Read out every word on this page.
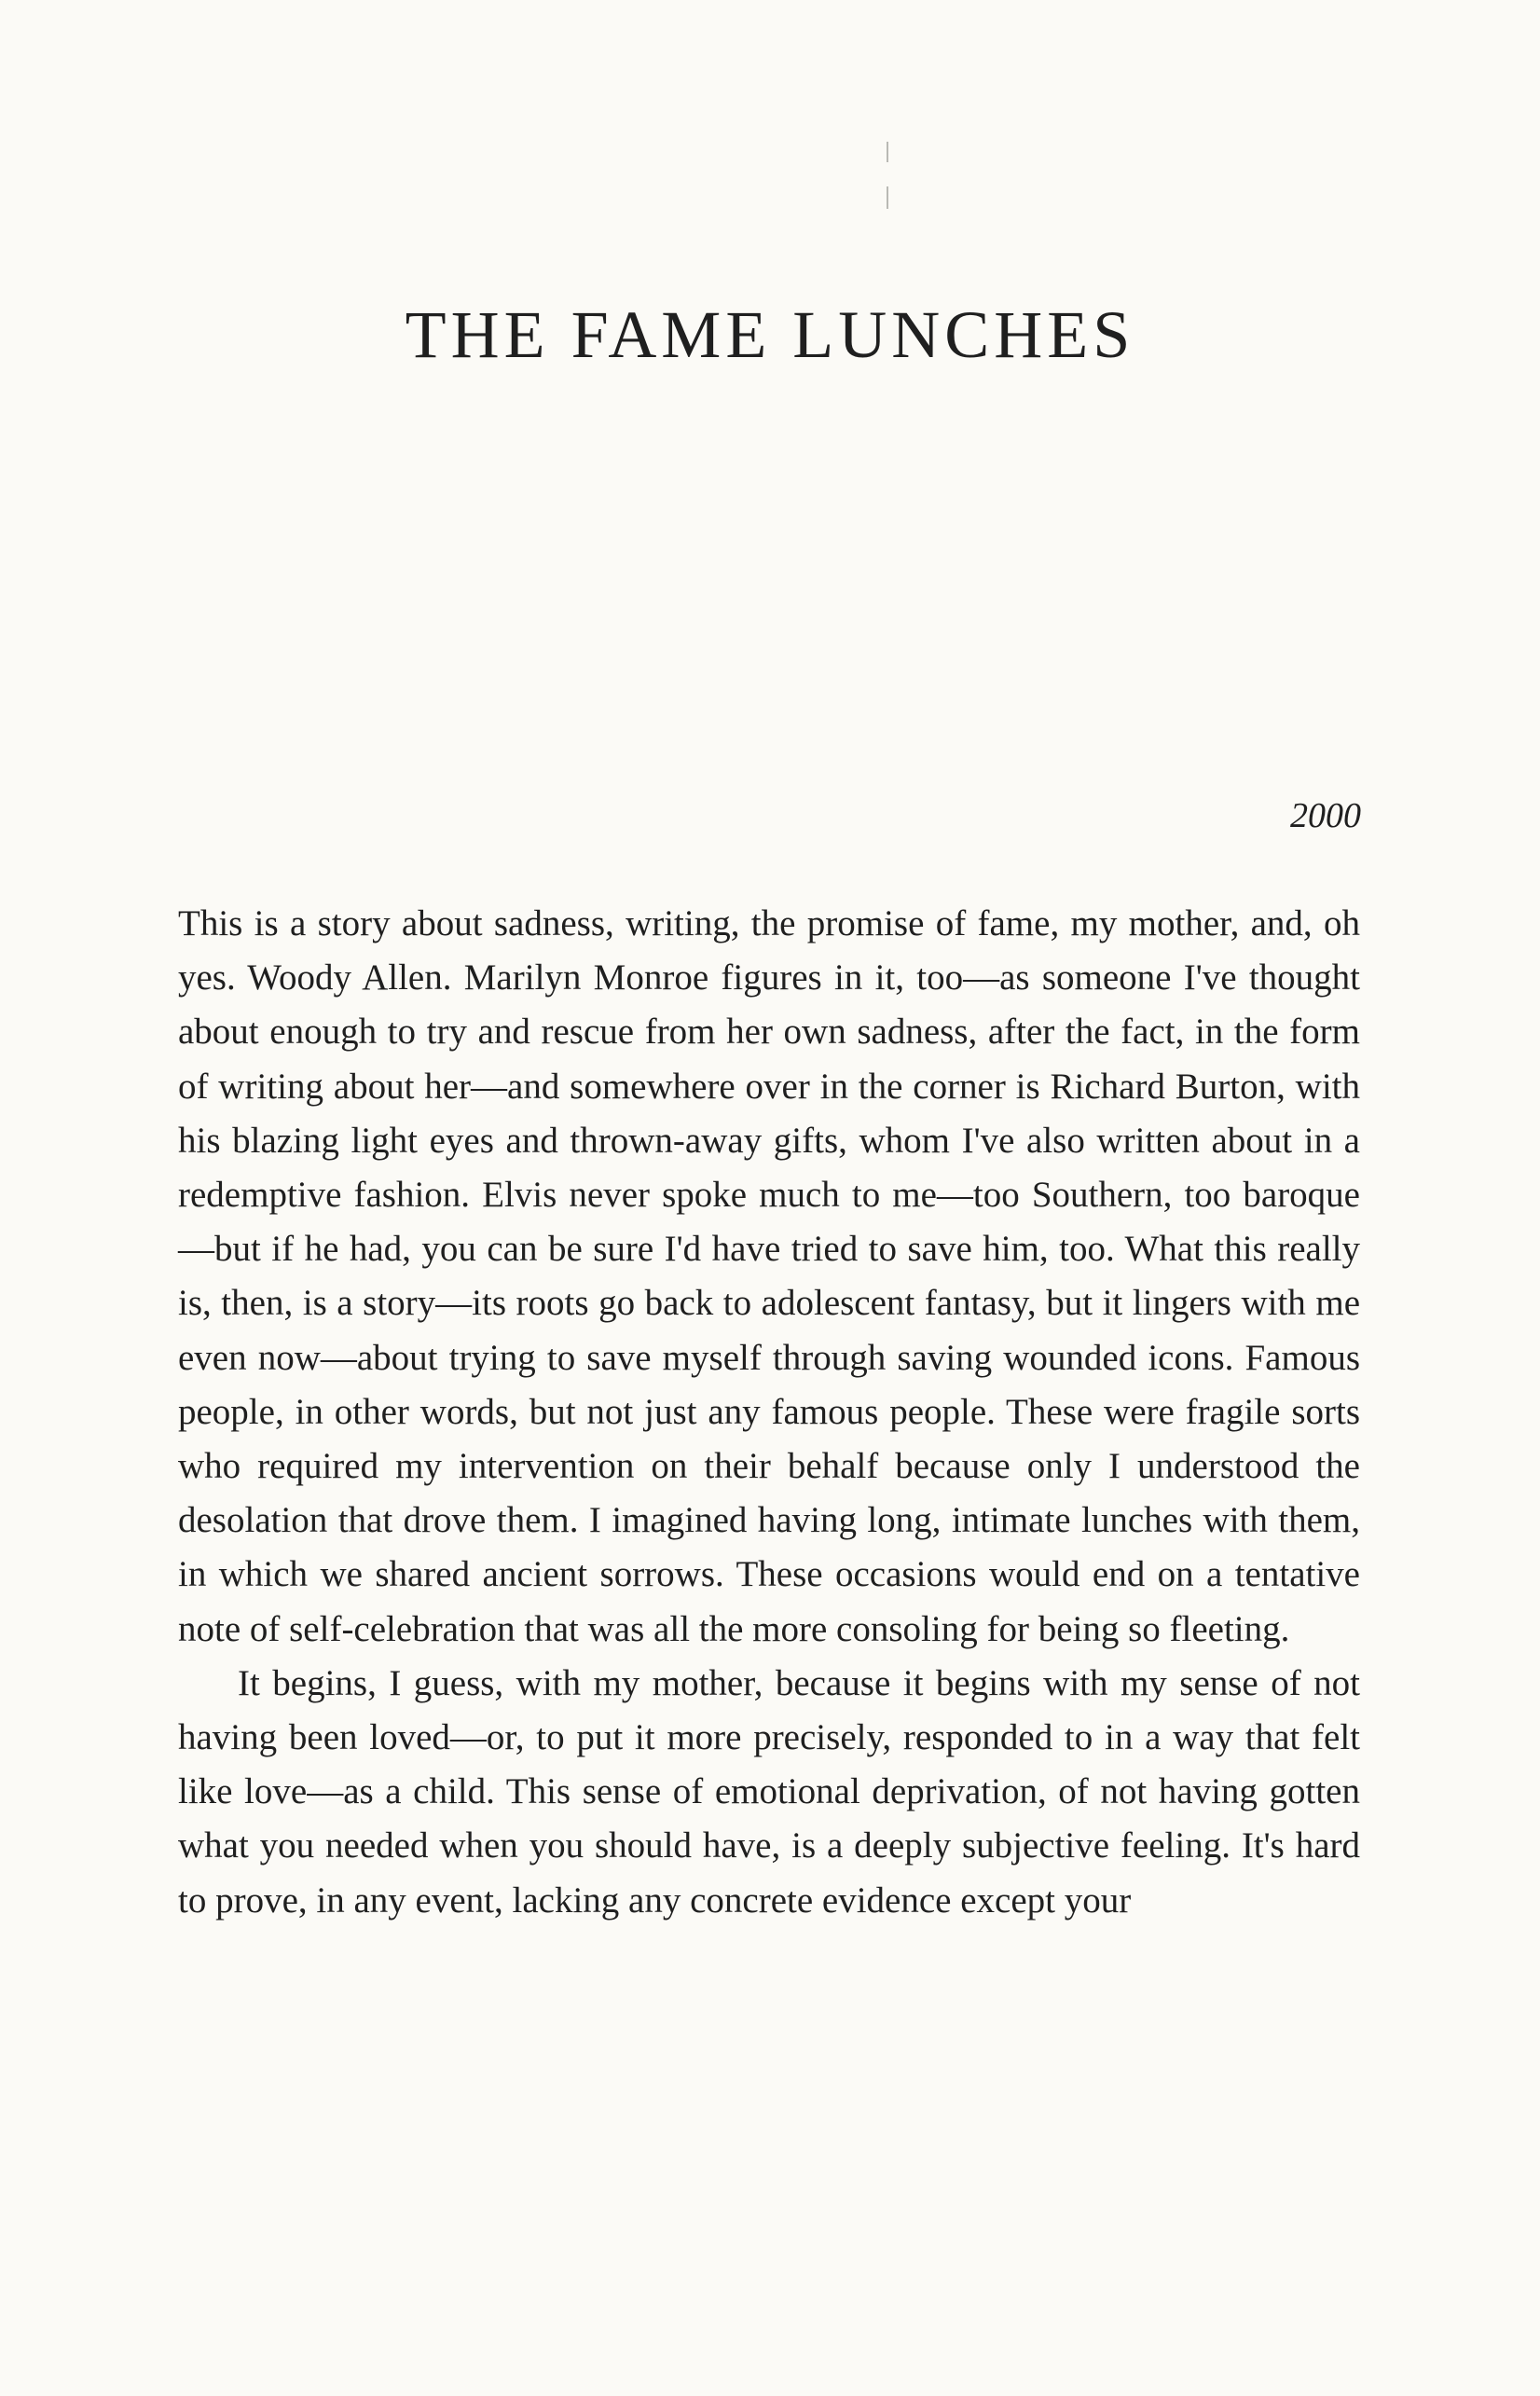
THE FAME LUNCHES
2000

This is a story about sadness, writing, the promise of fame, my mother, and, oh yes. Woody Allen. Marilyn Monroe figures in it, too—as someone I've thought about enough to try and rescue from her own sadness, after the fact, in the form of writing about her—and somewhere over in the corner is Richard Burton, with his blazing light eyes and thrown-away gifts, whom I've also written about in a redemptive fashion. Elvis never spoke much to me—too Southern, too baroque—but if he had, you can be sure I'd have tried to save him, too. What this really is, then, is a story—its roots go back to adolescent fantasy, but it lingers with me even now—about trying to save myself through saving wounded icons. Famous people, in other words, but not just any famous people. These were fragile sorts who required my intervention on their behalf because only I understood the desolation that drove them. I imagined having long, intimate lunches with them, in which we shared ancient sorrows. These occasions would end on a tentative note of self-celebration that was all the more consoling for being so fleeting.

It begins, I guess, with my mother, because it begins with my sense of not having been loved—or, to put it more precisely, responded to in a way that felt like love—as a child. This sense of emotional deprivation, of not having gotten what you needed when you should have, is a deeply subjective feeling. It's hard to prove, in any event, lacking any concrete evidence except your
